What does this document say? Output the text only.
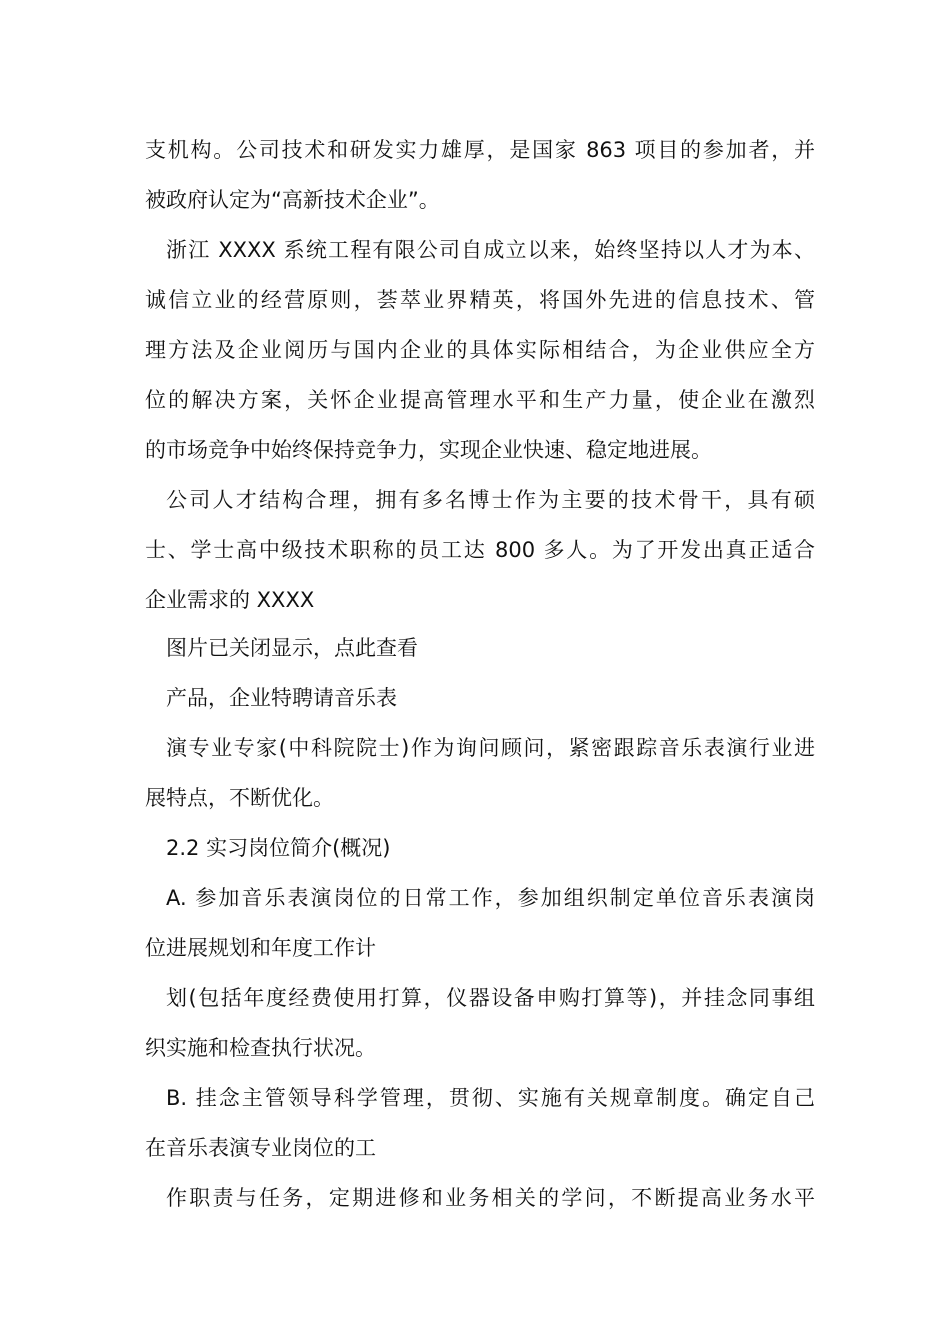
支机构。公司技术和研发实力雄厚，是国家 863 项目的参加者，并
被政府认定为“高新技术企业”。
浙江 XXXX 系统工程有限公司自成立以来，始终坚持以人才为本、
诚信立业的经营原则，荟萃业界精英，将国外先进的信息技术、管
理方法及企业阅历与国内企业的具体实际相结合，为企业供应全方
位的解决方案，关怀企业提高管理水平和生产力量，使企业在激烈
的市场竞争中始终保持竞争力，实现企业快速、稳定地进展。
公司人才结构合理，拥有多名博士作为主要的技术骨干，具有硕
士、学士高中级技术职称的员工达 800 多人。为了开发出真正适合
企业需求的 XXXX
图片已关闭显示，点此查看
产品，企业特聘请音乐表
演专业专家(中科院院士)作为询问顾问，紧密跟踪音乐表演行业进
展特点，不断优化。
2.2 实习岗位简介(概况)
A. 参加音乐表演岗位的日常工作，参加组织制定单位音乐表演岗
位进展规划和年度工作计
划(包括年度经费使用打算，仪器设备申购打算等)，并挂念同事组
织实施和检查执行状况。
B. 挂念主管领导科学管理，贯彻、实施有关规章制度。确定自己
在音乐表演专业岗位的工
作职责与任务，定期进修和业务相关的学问，不断提高业务水平
